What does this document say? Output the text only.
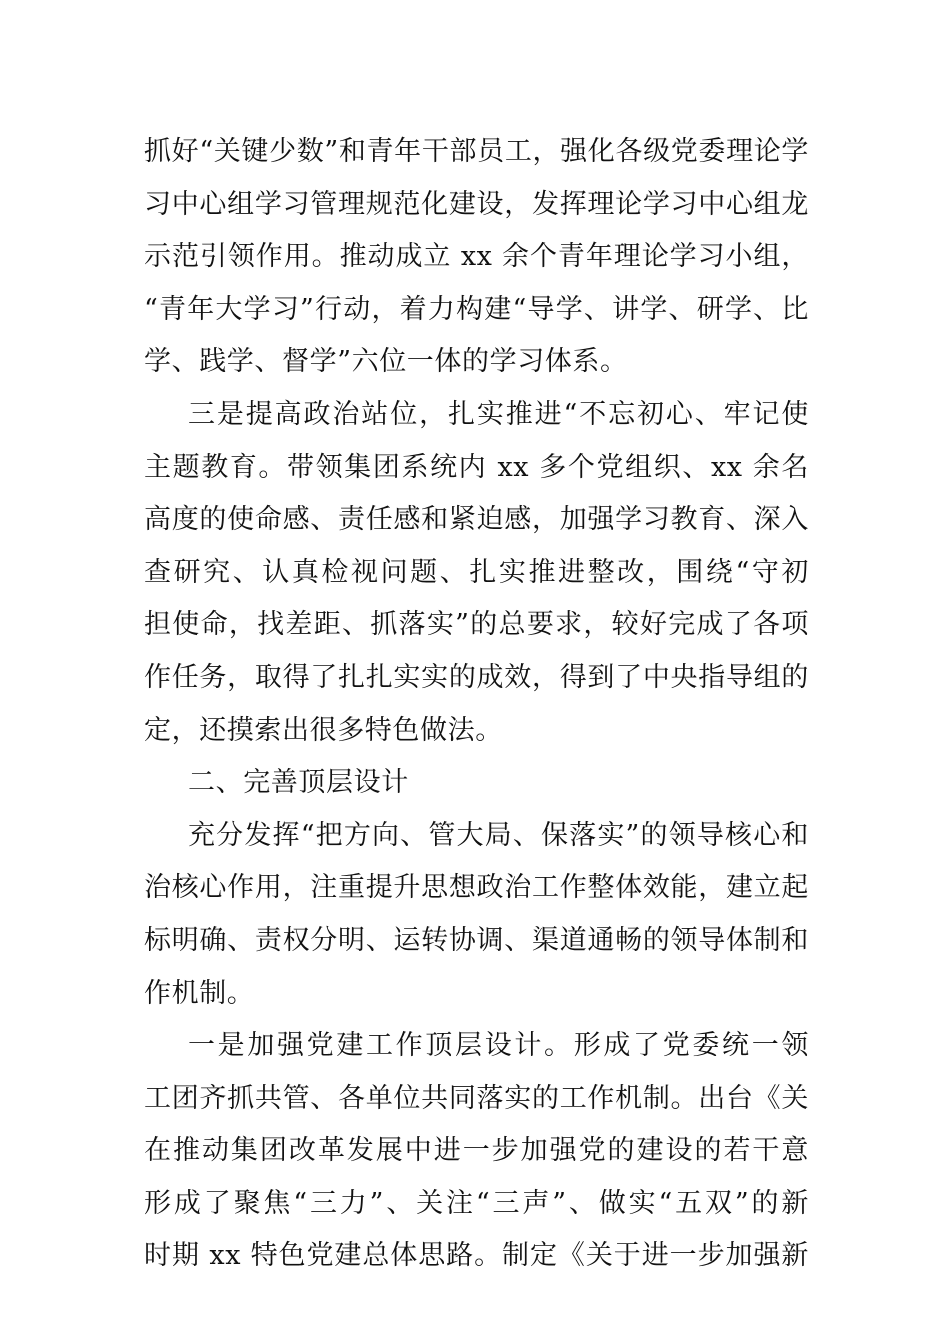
抓好“关键少数”和青年干部员工，强化各级党委理论学
习中心组学习管理规范化建设，发挥理论学习中心组龙
示范引领作用。推动成立 xx 余个青年理论学习小组，
“青年大学习”行动，着力构建“导学、讲学、研学、比
学、践学、督学”六位一体的学习体系。
三是提高政治站位，扎实推进“不忘初心、牢记使
主题教育。带领集团系统内 xx 多个党组织、xx 余名
高度的使命感、责任感和紧迫感，加强学习教育、深入
查研究、认真检视问题、扎实推进整改，围绕“守初
担使命，找差距、抓落实”的总要求，较好完成了各项
作任务，取得了扎扎实实的成效，得到了中央指导组的
定，还摸索出很多特色做法。
二、完善顶层设计
充分发挥“把方向、管大局、保落实”的领导核心和
治核心作用，注重提升思想政治工作整体效能，建立起
标明确、责权分明、运转协调、渠道通畅的领导体制和
作机制。
一是加强党建工作顶层设计。形成了党委统一领
工团齐抓共管、各单位共同落实的工作机制。出台《关
在推动集团改革发展中进一步加强党的建设的若干意
形成了聚焦“三力”、关注“三声”、做实“五双”的新
时期 xx 特色党建总体思路。制定《关于进一步加强新
